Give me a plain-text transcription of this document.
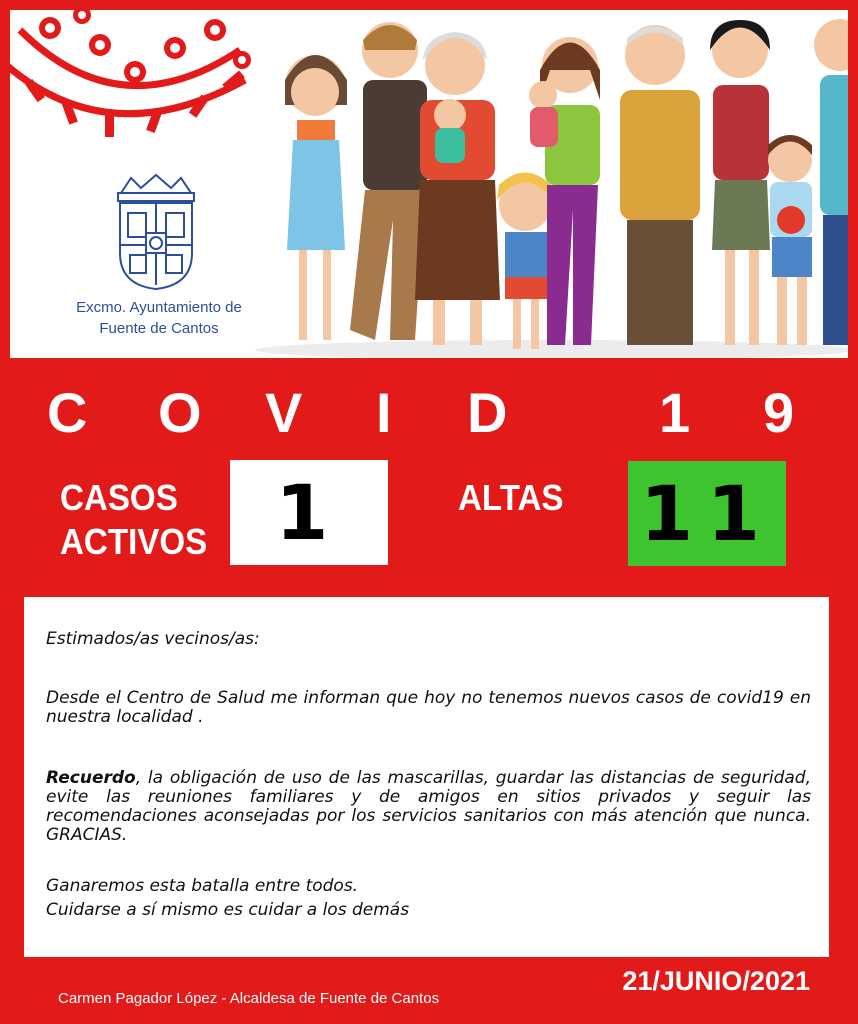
Excmo. Ayuntamiento de
Fuente de Cantos
C O V I D	1 9
CASOS
ACTIVOS 1	ALTAS 11

Estimados/as vecinos/as:

Desde el Centro de Salud me informan que hoy no tenemos nuevos casos de covid19 en nuestra localidad .

Recuerdo, la obligación de uso de las mascarillas, guardar las distancias de seguridad, evite las reuniones familiares y de amigos en sitios privados y seguir las recomendaciones aconsejadas por los servicios sanitarios con más atención que nunca. GRACIAS.

Ganaremos esta batalla entre todos.

Cuidarse a sí mismo es cuidar a los demás

21/JUNIO/2021
Carmen Pagador López - Alcaldesa de Fuente de Cantos
